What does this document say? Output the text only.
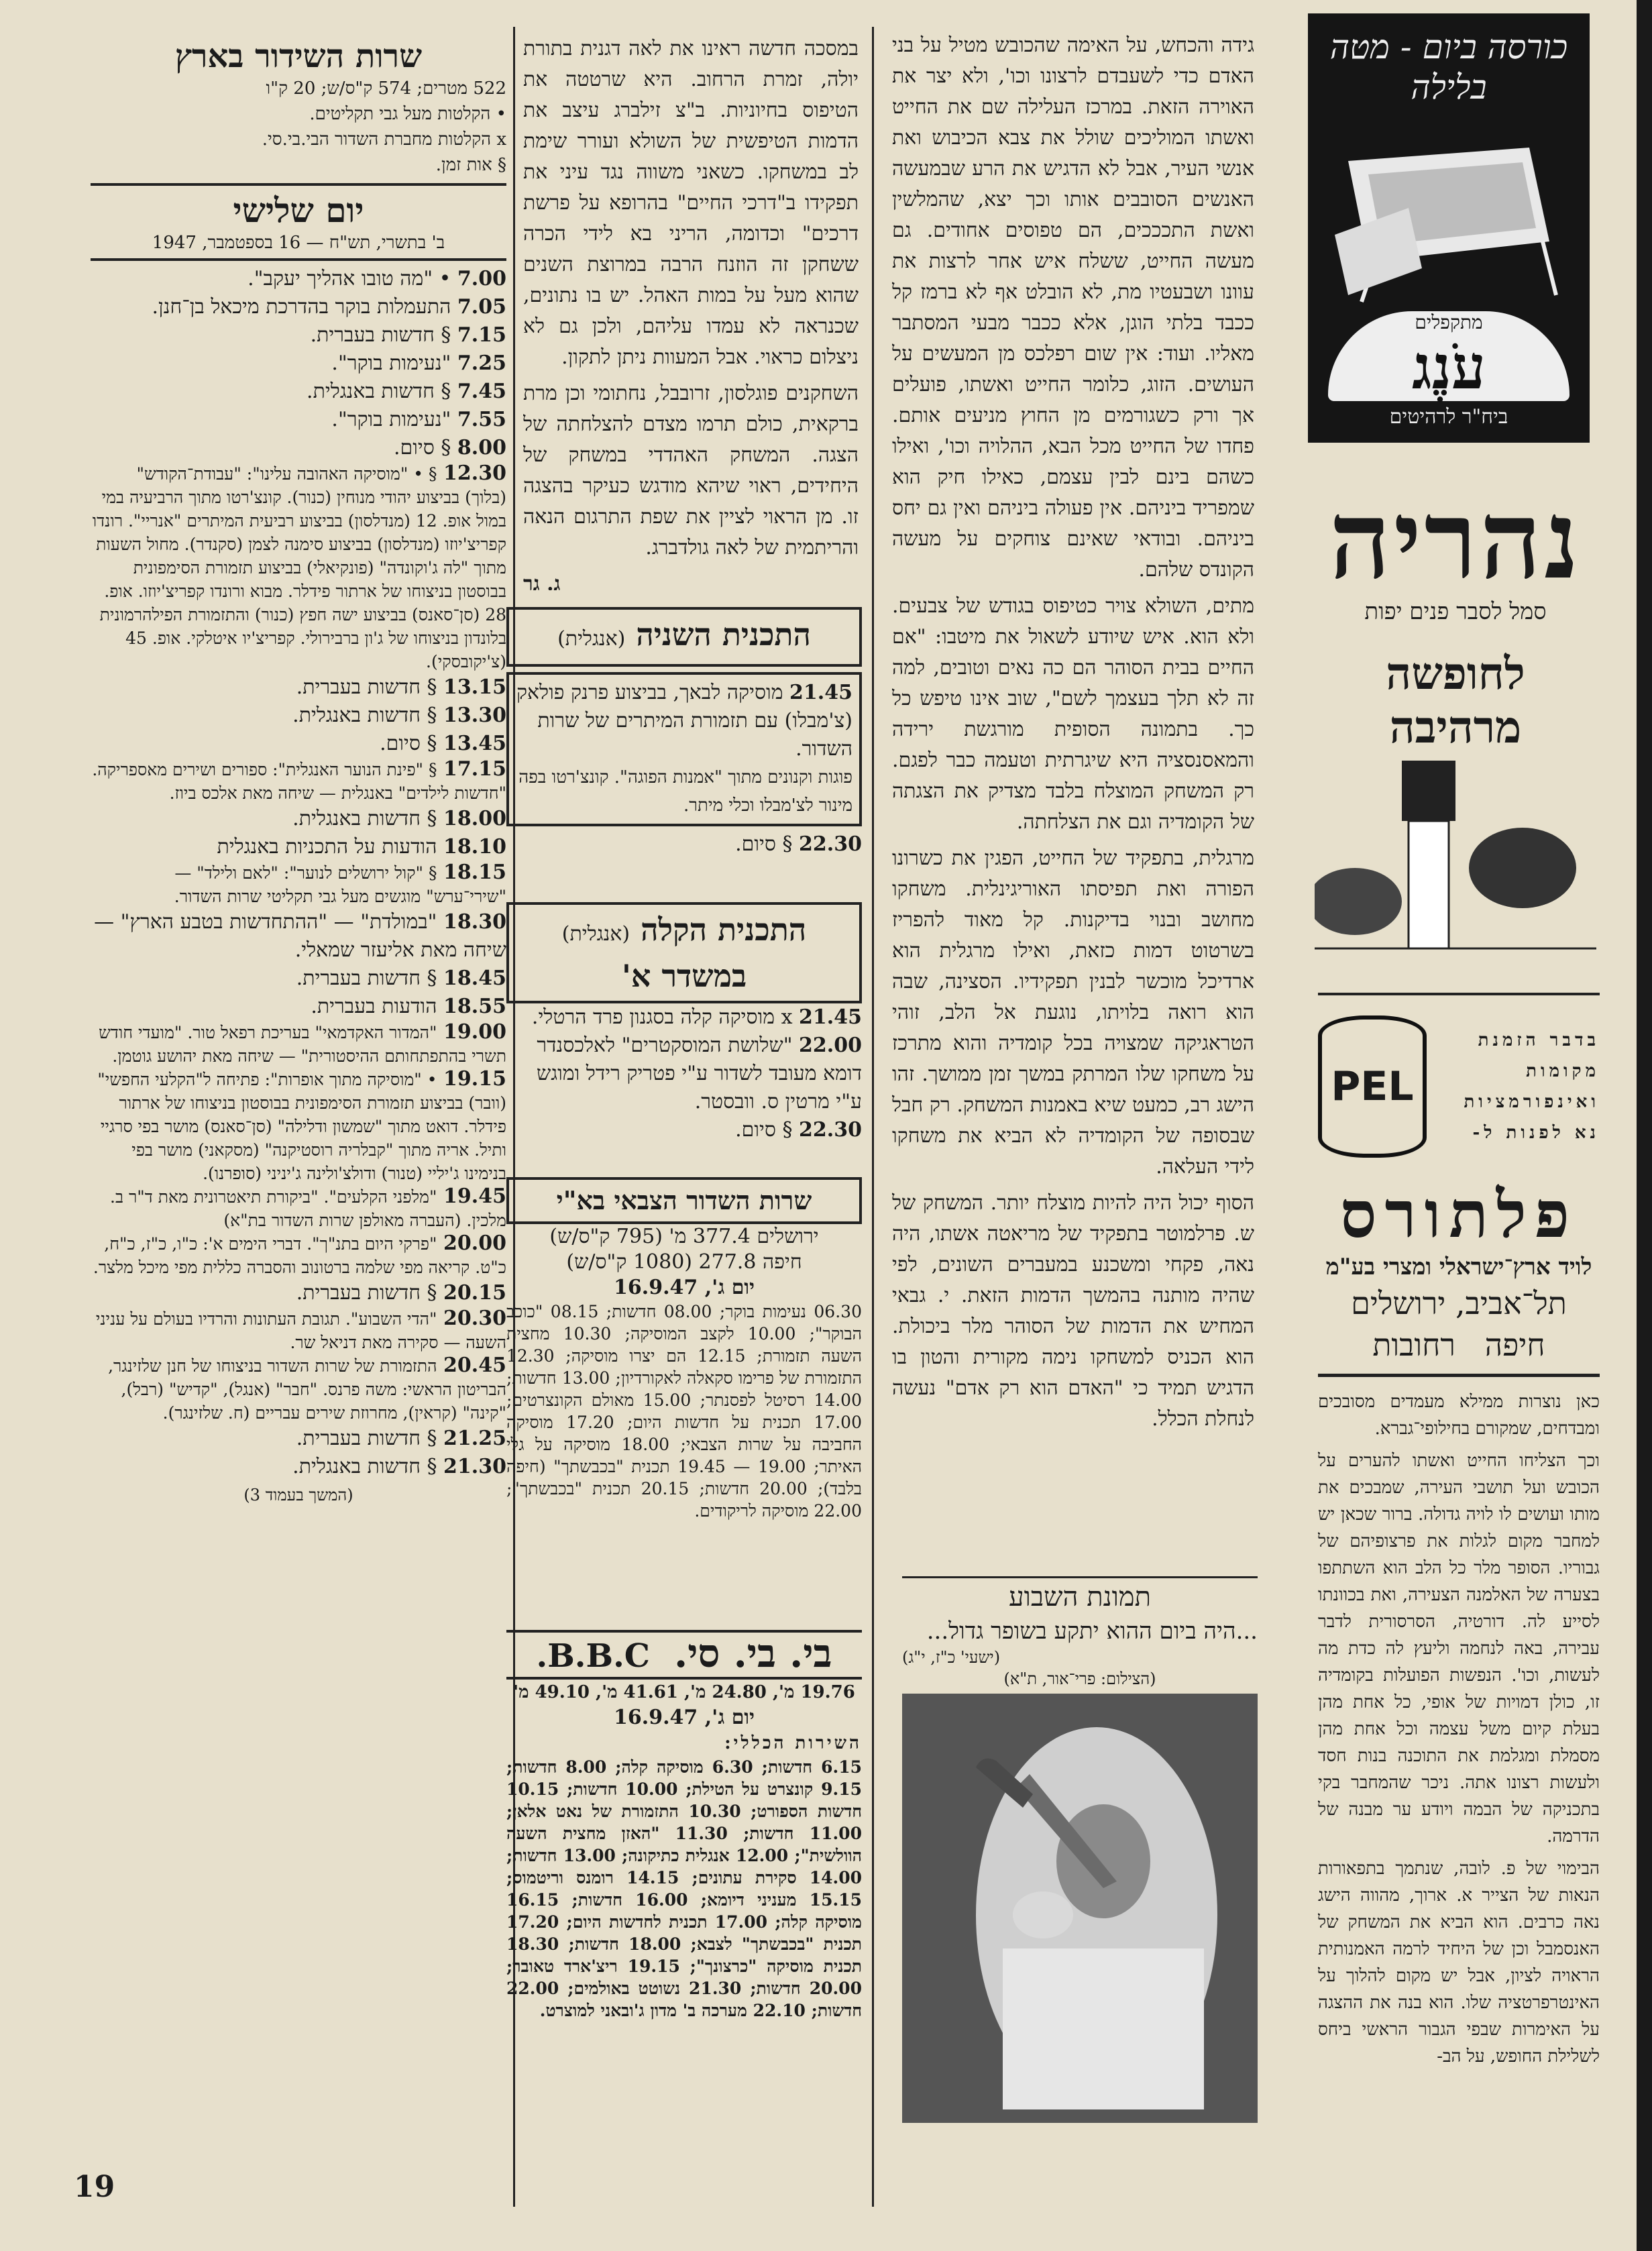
שרות השידור בארץ
522 מטרים; 574 ק"ס/ש; 20 ק"ו
• הקלטות מעל גבי תקליטים.
x הקלטות מחברת השדור הבי.בי.סי.
§ אות זמן.
יום שלישי
ב' בתשרי, תש"ח — 16 בספטמבר, 1947
7.00 • "מה טובו אהליך יעקב".
7.05 התעמלות בוקר בהדרכת מיכאל בן־חנן.
7.15 § חדשות בעברית.
7.25 "נעימות בוקר".
7.45 § חדשות באנגלית.
7.55 "נעימות בוקר".
8.00 § סיום.
12.30 § • "מוסיקה האהובה עלינו": "עבודת־הקודש" (בלוך) בביצוע יהודי מנוחין (כנור). קונצ'רטו מתוך הרביעיה במי במול אופ. 12 (מנדלסון) בביצוע רביעית המיתרים "אנריי". רונדו קפריצ'יוזו (מנדלסון) בביצוע סימנה לצמן (סקנדר). מחול השעות מתוך "לה ג'וקונדה" (פונקיאלי) בביצוע תזמורת הסימפונית בבוסטון בניצוחו של ארתור פידלר. מבוא ורונדו קפריצ'יוזו. אופ. 28 (סן־סאנס) בביצוע ישה חפץ (כנור) והתזמורת הפילהרמונית בלונדון בניצוחו של ג'ון ברבירולי. קפריצ'יו איטלקי. אופ. 45 (צ'יקובסקי).
13.15 § חדשות בעברית.
13.30 § חדשות באנגלית.
13.45 § סיום.
17.15 § "פינת הנוער האנגלית": ספורים ושירים מאספריקה. "חדשות לילדים" באנגלית — שיחה מאת אלכס ביוז.
18.00 § חדשות באנגלית.
18.10 הודעות על התכניות באנגלית
18.15 § "קול ירושלים לנוער": "לאם ולילד" — "שירי־ערש" מוגשים מעל גבי תקליטי שרות השדור.
18.30 "במולדת" — "ההתחדשות בטבע הארץ" — שיחה מאת אליעזר שמאלי.
18.45 § חדשות בעברית.
18.55 הודעות בעברית.
19.00 "המדור האקדמאי" בעריכת רפאל טור. "מועדי חודש תשרי בהתפתחותם ההיסטורית" — שיחה מאת יהושע גוטמן.
19.15 • "מוסיקה מתוך אופרות": פתיחה ל"הקלעי החפשי" (וובר) בביצוע תזמורת הסימפונית בבוסטון בניצוחו של ארתור פידלר. דואט מתוך "שמשון ודלילה" (סן־סאנס) מושר בפי סרגיי ותיל. אריה מתוך "קבלריה רוסטיקנה" (מסקאני) מושר בפי בנימינו ג'יליי (טנור) ודולצ'ולינה ג'יניני (סופרנו).
19.45 "מלפני הקלעים". "ביקורת תיאטרונית מאת ד"ר ב. מלכין. (העברה מאולפן שרות השדור בת"א)
20.00 "פרקי היום בתנ"ך". דברי הימים א': כ"ו, כ"ז, כ"ח, כ"ט. קריאה מפי שלמה ברטונוב והסברה כללית מפי מיכל מלצר.
20.15 § חדשות בעברית.
20.30 "הדי השבוע". תגובת העתונות והרדיו בעולם על עניני השעה — סקירה מאת דניאל שר.
20.45 התזמורת של שרות השדור בניצוחו של חנן שלזינגר, הבריטון הראשי: משה פרנס. "חבר" (אנגל), "קדיש" (רבל), "קינה" (קראין), מחרוזת שירים עבריים (ח. שלזינגר).
21.25 § חדשות בעברית.
21.30 § חדשות באנגלית.
(המשך בעמוד 3)

במסכה חדשה ראינו את לאה דגנית בתורת יולה, זמרת הרחוב. היא שרטטה את הטיפוס בחיוניות. ב"צ זילברג עיצב את הדמות הטיפשית של השולא ועורר שימת לב במשחקו. כשאני משווה נגד עיני את תפקידו ב"דרכי החיים" בהרופא על פרשת דרכים" וכדומה, הריני בא לידי הכרה ששחקן זה הוזנח הרבה במרוצת השנים שהוא מעל על במות האהל. יש בו נתונים, שכנראה לא עמדו עליהם, ולכן גם לא ניצלום כראוי. אבל המעוות ניתן לתקון.

השחקנים פוגלסון, זרובבל, נחתומי וכן מרת ברקאית, כולם תרמו מצדם להצלחתה של הצגה. המשחק האהדדי במשחק של היחידים, ראוי שיהא מודגש כעיקר בהצגה זו. מן הראוי לציין את שפת התרגום הנאה והריתמית של לאה גולדברג.

ג. גר

התכנית השניה (אנגלית)
21.45 מוסיקה לבאך, בביצוע פרנק פולאק (צ'מבלו) עם תזמורת המיתרים של שרות השדור.
פוגות וקנונים מתוך "אמנות הפוגה". קונצ'רטו בפה מינור לצ'מבלו וכלי מיתר.
22.30 § סיום.
התכנית הקלה (אנגלית)
במשדר א'
21.45 x מוסיקה קלה בסגנון פרד הרטלי.
22.00 "שלושת המוסקטרים" לאלכסנדר דומא מעובד לשדור ע"י פטריק רידל ומוגש ע"י מרטין ס. וובסטר.
22.30 § סיום.
שרות השדור הצבאי בא"י
ירושלים 377.4 מ' (795 ק"ס/ש)
חיפה 277.8 (1080 ק"ס/ש)
יום ג', 16.9.47
06.30 נעימות בוקר; 08.00 חדשות; 08.15 "כוכב הבוקר"; 10.00 לקצב המוסיקה; 10.30 מחצית השעה תזמורת; 12.15 הם יצרו מוסיקה; 12.30 התזמורת של פרימו סקאלה לאקורדיון; 13.00 חדשות; 14.00 רסיטל לפסנתר; 15.00 מאולם הקונצרטים; 17.00 תכנית על חדשות היום; 17.20 מוסיקה החביבה על שרות הצבאי; 18.00 מוסיקה על גלי האיתר; 19.00 — 19.45 תכנית "בכבשתך" (חיפה בלבד); 20.00 חדשות; 20.15 תכנית "בכבשתך"; 22.00 מוסיקה לריקודים.
בי. בי. סי. B.B.C.
19.76 מ', 24.80 מ', 41.61 מ', 49.10 מ'
יום ג', 16.9.47
השירות הכללי:
6.15 חדשות; 6.30 מוסיקה קלה; 8.00 חדשות; 9.15 קונצרט על הטילת; 10.00 חדשות; 10.15 חדשות הספורט; 10.30 התזמורת של נאט אלאן; 11.00 חדשות; 11.30 "האזן מחצית השעה הוולשית"; 12.00 אנגלית כתיקונה; 13.00 חדשות; 14.00 סקירת עתונים; 14.15 רומנס וריטמוס; 15.15 מעניני דיומא; 16.00 חדשות; 16.15 מוסיקה קלה; 17.00 תכנית לחדשות היום; 17.20 תכנית "בכבשתך" לצבא; 18.00 חדשות; 18.30 תכנית מוסיקה "כרצונך"; 19.15 ריצ'ארד טאובר; 20.00 חדשות; 21.30 נשוטט באולמים; 22.00 חדשות; 22.10 מערכה ב' מדון ג'ובאני למוצרט.

גידה והכחש, על האימה שהכובש מטיל על בני האדם כדי לשעבדם לרצונו וכו', ולא יצר את האוירה הזאת. במרכז העלילה שם את החייט ואשתו המוליכים שולל את צבא הכיבוש ואת אנשי העיר, אבל לא הדגיש את הרע שבמעשה האנשים הסובבים אותו וכך יצא, שהמלשין ואשת התכככים, הם טפוסים אחודים. גם מעשה החייט, ששלח איש אחר לרצות את עוונו ושבעטיו מת, לא הובלט אף לא ברמז קל ככבד בלתי הוגן, אלא ככבר מבעי המסתבר מאליו. ועוד: אין שום רפלכס מן המעשים על העושים. הזוג, כלומר החייט ואשתו, פועלים אך ורק כשגורמים מן החוץ מניעים אותם. פחדו של החייט מכל הבא, ההלויה וכו', ואילו כשהם בינם לבין עצמם, כאילו חיק הוא שמפריד ביניהם. אין פעולה ביניהם ואין גם יחס ביניהם. ובודאי שאינם צוחקים על מעשה הקונדס שלהם.

מתים, השולא צויר כטיפוס בגודש של צבעים. ולא הוא. איש שיודע לשאול את מיטבו: "אם החיים בבית הסוהר הם כה נאים וטובים, למה זה לא תלך בעצמך לשם", שוב אינו טיפש כל כך. בתמונה הסופית מורגשת ירידה והמאסנסציה היא שיגרתית וטעמה כבר לפגם. רק המשחק המוצלח בלבד מצדיק את הצגתה של הקומדיה וגם את הצלחתה.

מרגלית, בתפקיד של החייט, הפגין את כשרונו הפורה ואת תפיסתו האוריגינלית. משחקו מחושב ובנוי בדיקנות. קל מאוד להפריז בשרטוט דמות כזאת, ואילו מרגלית הוא ארדיכל מוכשר לבנין תפקידיו. הסצינה, שבה הוא רואה בלויתו, נוגעת אל הלב, זוהי הטראגיקה שמצויה בכל קומדיה והוא מתרכז על משחקו שלו המרתק במשך זמן ממושך. זהו הישג רב, כמעט שיא באמנות המשחק. רק חבל שבסופה של הקומדיה לא הביא את משחקו לידי העלאה.

הסוף יכול היה להיות מוצלח יותר. המשחק של ש. פרלמוטר בתפקיד של מריאטה אשתו, היה נאה, פקחי ומשכנע במעברים השונים, לפי שהיה מותנה בהמשך הדמות הזאת. י. גבאי המחיש את הדמות של הסוהר מלר ביכולת. הוא הכניס למשחקו נימה מקורית והטון בו הדגיש תמיד כי "האדם הוא רק אדם" נעשה לנחלת הכלל.

תמונת השבוע
...היה ביום ההוא יתקע בשופר גדול...
(ישעי' כ"ז, י"ג)
(הצילום: פרי־אור, ת"א)
כורסה ביום - מטה בלילה
מתקפלים
עֹנֶג
ביח"ר לרהיטים
נהריה
סמל לסבר פנים יפות
לחופשה
מרהיבה
בדבר הזמנת
מקומות
ואינפורמציות
נא לפנות ל-
PEL
פלתורס
לויד ארץ־ישראלי ומצרי בע"מ
תל־אביב, ירושלים
חיפה   רחובות

כאן נוצרות ממילא מעמדים מסובכים ומבדחים, שמקורם בחילופי־גברא.

וכך הצליחו החייט ואשתו להערים על הכובש ועל תושבי העירה, שמבכים את מותו ועושים לו לויה גדולה. ברור שכאן יש למחבר מקום לגלות את פרצופיהם של גבוריו. הסופר מלר כל הלב הוא השתתפו בצערה של האלמנה הצעירה, ואת בכוונתו לסייע לה. דורטיה, הסרסורית לדבר עבירה, באה לנחמה וליעץ לה כדת מה לעשות, וכו'. הנפשות הפועלות בקומדיה זו, כולן דמויות של אופי, כל אחת מהן בעלת קיום משל עצמה וכל אחת מהן מסמלת ומגלמת את התוכנה בנות חסד ולעשות רצונו אתה. ניכר שהמחבר בקי בתכניקה של הבמה ויודע ער מבנה של הדרמה.

הבימוי של פ. לובה, שנתמך בתפאורות הנאות של הצייר א. ארוך, מהווה הישג נאה כרבים. הוא הביא את המשחק של האנסמבל וכן של היחיד לרמה האמנותית הראויה לציון, אבל יש מקום להלוך על האינטרפרטציה שלו. הוא בנה את ההצגה על האימרות שבפי הגבור הראשי ביחס לשלילת החופש, על הב-

19
